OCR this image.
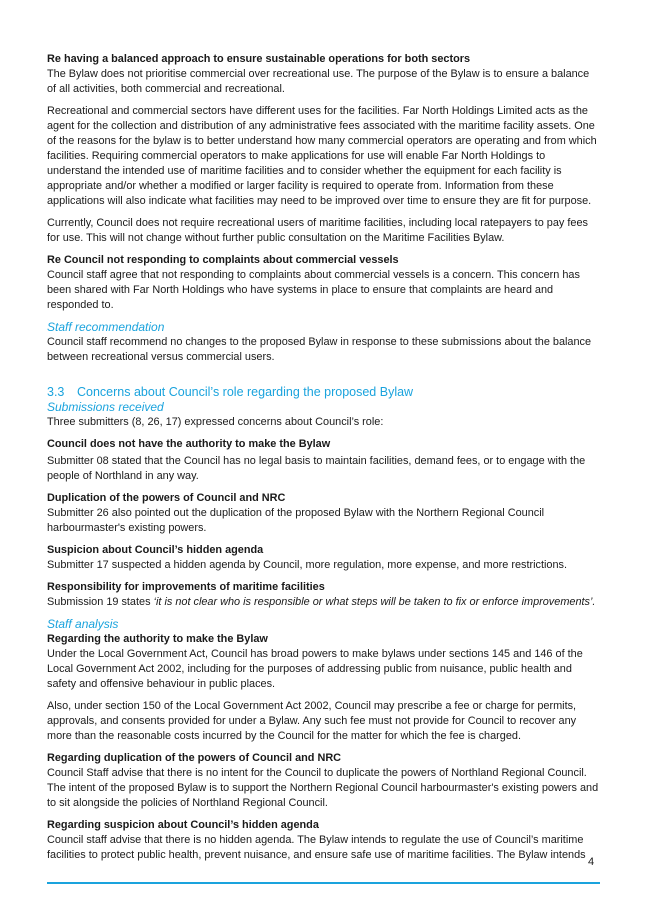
Re having a balanced approach to ensure sustainable operations for both sectors

The Bylaw does not prioritise commercial over recreational use. The purpose of the Bylaw is to ensure a balance of all activities, both commercial and recreational.

Recreational and commercial sectors have different uses for the facilities. Far North Holdings Limited acts as the agent for the collection and distribution of any administrative fees associated with the maritime facility assets. One of the reasons for the bylaw is to better understand how many commercial operators are operating and from which facilities. Requiring commercial operators to make applications for use will enable Far North Holdings to understand the intended use of maritime facilities and to consider whether the equipment for each facility is appropriate and/or whether a modified or larger facility is required to operate from. Information from these applications will also indicate what facilities may need to be improved over time to ensure they are fit for purpose.

Currently, Council does not require recreational users of maritime facilities, including local ratepayers to pay fees for use. This will not change without further public consultation on the Maritime Facilities Bylaw.

Re Council not responding to complaints about commercial vessels

Council staff agree that not responding to complaints about commercial vessels is a concern. This concern has been shared with Far North Holdings who have systems in place to ensure that complaints are heard and responded to.

Staff recommendation

Council staff recommend no changes to the proposed Bylaw in response to these submissions about the balance between recreational versus commercial users.

3.3 Concerns about Council’s role regarding the proposed Bylaw

Submissions received

Three submitters (8, 26, 17) expressed concerns about Council’s role:

Council does not have the authority to make the Bylaw

Submitter 08 stated that the Council has no legal basis to maintain facilities, demand fees, or to engage with the people of Northland in any way.

Duplication of the powers of Council and NRC

Submitter 26 also pointed out the duplication of the proposed Bylaw with the Northern Regional Council harbourmaster's existing powers.

Suspicion about Council’s hidden agenda

Submitter 17 suspected a hidden agenda by Council, more regulation, more expense, and more restrictions.

Responsibility for improvements of maritime facilities

Submission 19 states ‘it is not clear who is responsible or what steps will be taken to fix or enforce improvements’.

Staff analysis

Regarding the authority to make the Bylaw

Under the Local Government Act, Council has broad powers to make bylaws under sections 145 and 146 of the Local Government Act 2002, including for the purposes of addressing public from nuisance, public health and safety and offensive behaviour in public places.

Also, under section 150 of the Local Government Act 2002, Council may prescribe a fee or charge for permits, approvals, and consents provided for under a Bylaw. Any such fee must not provide for Council to recover any more than the reasonable costs incurred by the Council for the matter for which the fee is charged.

Regarding duplication of the powers of Council and NRC

Council Staff advise that there is no intent for the Council to duplicate the powers of Northland Regional Council. The intent of the proposed Bylaw is to support the Northern Regional Council harbourmaster's existing powers and to sit alongside the policies of Northland Regional Council.

Regarding suspicion about Council’s hidden agenda

Council staff advise that there is no hidden agenda. The Bylaw intends to regulate the use of Council’s maritime facilities to protect public health, prevent nuisance, and ensure safe use of maritime facilities. The Bylaw intends

4
